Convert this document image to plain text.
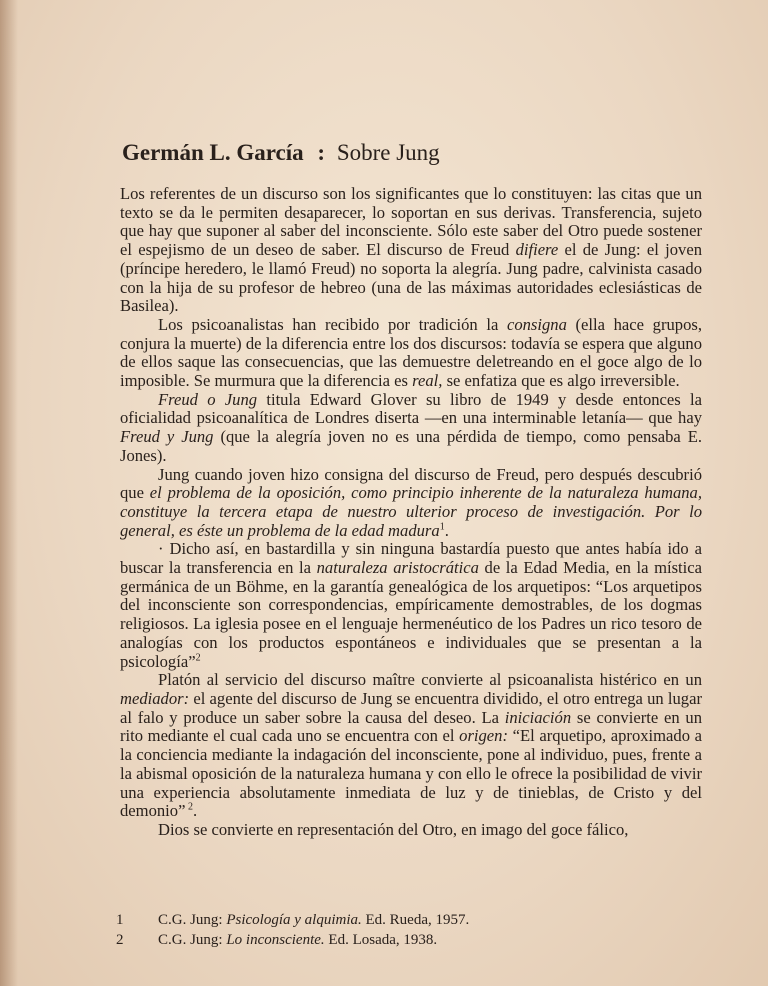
Germán L. García : Sobre Jung

Los referentes de un discurso son los significantes que lo constituyen: las citas que un texto se da le permiten desaparecer, lo soportan en sus derivas. Transferencia, sujeto que hay que suponer al saber del inconsciente. Sólo este saber del Otro puede sostener el espejismo de un deseo de saber. El discurso de Freud difiere el de Jung: el joven (príncipe heredero, le llamó Freud) no soporta la alegría. Jung padre, calvinista casado con la hija de su profesor de hebreo (una de las máximas autoridades eclesiásticas de Basilea).

Los psicoanalistas han recibido por tradición la consigna (ella hace grupos, conjura la muerte) de la diferencia entre los dos discursos: todavía se espera que alguno de ellos saque las consecuencias, que las demuestre deletreando en el goce algo de lo imposible. Se murmura que la diferencia es real, se enfatiza que es algo irreversible.

Freud o Jung titula Edward Glover su libro de 1949 y desde entonces la oficialidad psicoanalítica de Londres diserta —en una interminable letanía— que hay Freud y Jung (que la alegría joven no es una pérdida de tiempo, como pensaba E. Jones).

Jung cuando joven hizo consigna del discurso de Freud, pero después descubrió que el problema de la oposición, como principio inherente de la naturaleza humana, constituye la tercera etapa de nuestro ulterior proceso de investigación. Por lo general, es éste un problema de la edad madura$^1$.

· Dicho así, en bastardilla y sin ninguna bastardía puesto que antes había ido a buscar la transferencia en la naturaleza aristocrática de la Edad Media, en la mística germánica de un Böhme, en la garantía genealógica de los arquetipos: “Los arquetipos del inconsciente son correspondencias, empíricamente demostrables, de los dogmas religiosos. La iglesia posee en el lenguaje hermenéutico de los Padres un rico tesoro de analogías con los productos espontáneos e individuales que se presentan a la psicología”$^2$

Platón al servicio del discurso maître convierte al psicoanalista histérico en un mediador: el agente del discurso de Jung se encuentra dividido, el otro entrega un lugar al falo y produce un saber sobre la causa del deseo. La iniciación se convierte en un rito mediante el cual cada uno se encuentra con el origen: “El arquetipo, aproximado a la conciencia mediante la indagación del inconsciente, pone al individuo, pues, frente a la abismal oposición de la naturaleza humana y con ello le ofrece la posibilidad de vivir una experiencia absolutamente inmediata de luz y de tinieblas, de Cristo y del demonio” $^2$.

Dios se convierte en representación del Otro, en imago del goce fálico,

1	C.G. Jung: Psicología y alquimia. Ed. Rueda, 1957.
2	C.G. Jung: Lo inconsciente. Ed. Losada, 1938.
